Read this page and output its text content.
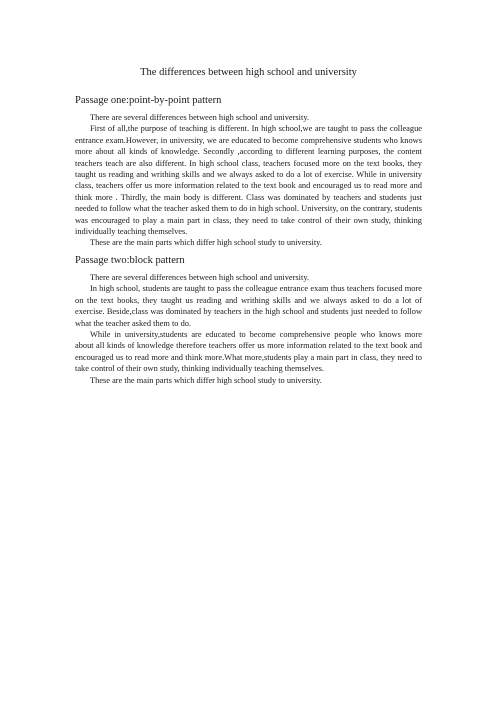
The differences between high school and university
Passage one:point-by-point pattern

There are several differences between high school and university.

First of all,the purpose of teaching is different. In high school,we are taught to pass the colleague entrance exam.However, in university, we are educated to become comprehensive students who knows more about all kinds of knowledge. Secondly ,according to different learning purposes, the content teachers teach are also different. In high school class, teachers focused more on the text books, they taught us reading and writhing skills and we always asked to do a lot of exercise. While in university class, teachers offer us more information related to the text book and encouraged us to read more and think more . Thirdly, the main body is different. Class was dominated by teachers and students just needed to follow what the teacher asked them to do in high school. University, on the contrary, students was encouraged to play a main part in class, they need to take control of their own study, thinking individually teaching themselves.

These are the main parts which differ high school study to university.

Passage two:block pattern

There are several differences between high school and university.

In high school, students are taught to pass the colleague entrance exam thus teachers focused more on the text books, they taught us reading and writhing skills and we always asked to do a lot of exercise. Beside,class was dominated by teachers in the high school and students just needed to follow what the teacher asked them to do.

While in university,students are educated to become comprehensive people who knows more about all kinds of knowledge therefore teachers offer us more information related to the text book and encouraged us to read more and think more.What more,students play a main part in class, they need to take control of their own study, thinking individually teaching themselves.

These are the main parts which differ high school study to university.
